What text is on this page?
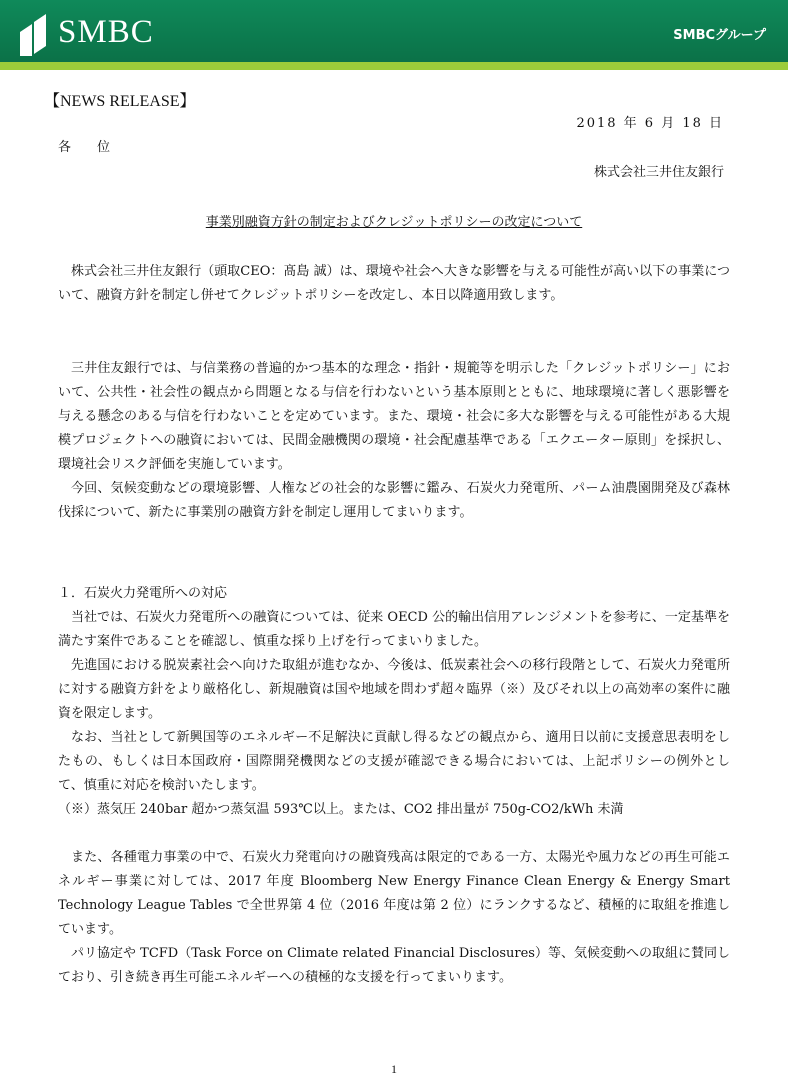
SMBC	SMBCグループ
【NEWS RELEASE】
2018 年 6 月 18 日
各　　位
株式会社三井住友銀行
事業別融資方針の制定およびクレジットポリシーの改定について

株式会社三井住友銀行（頭取CEO：髙島 誠）は、環境や社会へ大きな影響を与える可能性が高い以下の事業について、融資方針を制定し併せてクレジットポリシーを改定し、本日以降適用致します。

三井住友銀行では、与信業務の普遍的かつ基本的な理念・指針・規範等を明示した「クレジットポリシー」において、公共性・社会性の観点から問題となる与信を行わないという基本原則とともに、地球環境に著しく悪影響を与える懸念のある与信を行わないことを定めています。また、環境・社会に多大な影響を与える可能性がある大規模プロジェクトへの融資においては、民間金融機関の環境・社会配慮基準である「エクエーター原則」を採択し、環境社会リスク評価を実施しています。

今回、気候変動などの環境影響、人権などの社会的な影響に鑑み、石炭火力発電所、パーム油農園開発及び森林伐採について、新たに事業別の融資方針を制定し運用してまいります。

１．石炭火力発電所への対応

当社では、石炭火力発電所への融資については、従来 OECD 公的輸出信用アレンジメントを参考に、一定基準を満たす案件であることを確認し、慎重な採り上げを行ってまいりました。

先進国における脱炭素社会へ向けた取組が進むなか、今後は、低炭素社会への移行段階として、石炭火力発電所に対する融資方針をより厳格化し、新規融資は国や地域を問わず超々臨界（※）及びそれ以上の高効率の案件に融資を限定します。

なお、当社として新興国等のエネルギー不足解決に貢献し得るなどの観点から、適用日以前に支援意思表明をしたもの、もしくは日本国政府・国際開発機関などの支援が確認できる場合においては、上記ポリシーの例外として、慎重に対応を検討いたします。

（※）蒸気圧 240bar 超かつ蒸気温 593℃以上。または、CO2 排出量が 750g-CO2/kWh 未満

また、各種電力事業の中で、石炭火力発電向けの融資残高は限定的である一方、太陽光や風力などの再生可能エネルギー事業に対しては、2017 年度 Bloomberg New Energy Finance Clean Energy & Energy Smart Technology League Tables で全世界第 4 位（2016 年度は第 2 位）にランクするなど、積極的に取組を推進しています。

パリ協定や TCFD（Task Force on Climate related Financial Disclosures）等、気候変動への取組に賛同しており、引き続き再生可能エネルギーへの積極的な支援を行ってまいります。

1
